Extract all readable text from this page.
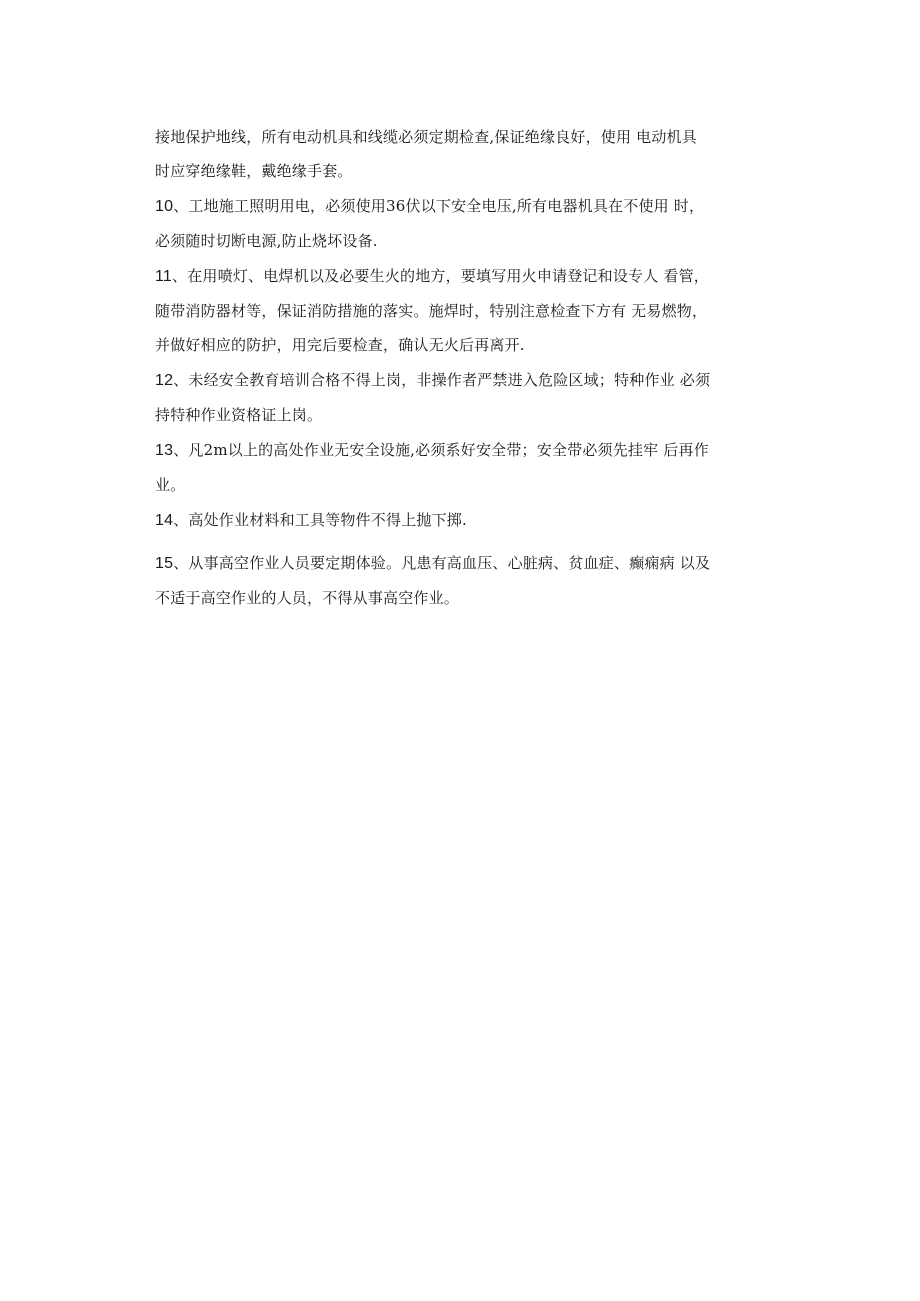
接地保护地线，所有电动机具和线缆必须定期检查,保证绝缘良好，使用 电动机具
时应穿绝缘鞋，戴绝缘手套。

10、工地施工照明用电，必须使用36伏以下安全电压,所有电器机具在不使用 时，
必须随时切断电源,防止烧坏设备.

11、在用喷灯、电焊机以及必要生火的地方，要填写用火申请登记和设专人 看管，
随带消防器材等，保证消防措施的落实。施焊时，特别注意检查下方有 无易燃物，
并做好相应的防护，用完后要检查，确认无火后再离开.

12、未经安全教育培训合格不得上岗，非操作者严禁进入危险区域；特种作业 必须
持特种作业资格证上岗。

13、凡2m以上的高处作业无安全设施,必须系好安全带；安全带必须先挂牢 后再作
业。

14、高处作业材料和工具等物件不得上抛下掷.

15、从事高空作业人员要定期体验。凡患有高血压、心脏病、贫血症、癫痫病 以及
不适于高空作业的人员，不得从事高空作业。
